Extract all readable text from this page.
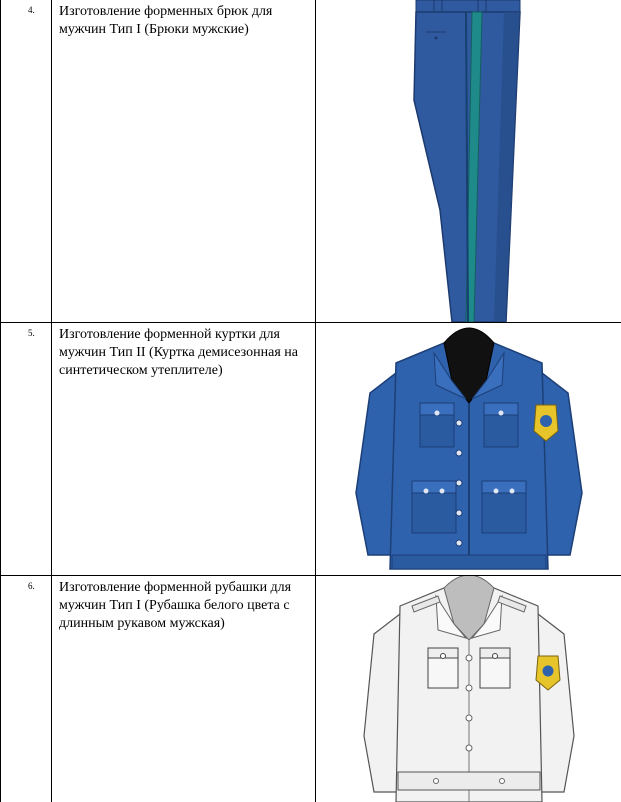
4.	Изготовление форменных брюк для мужчин Тип I (Брюки мужские)	

5.	Изготовление форменной куртки для мужчин Тип II (Куртка демисезонная на синтетическом утеплителе)	

6.	Изготовление форменной рубашки для мужчин Тип I (Рубашка белого цвета с длинным рукавом мужская)	
